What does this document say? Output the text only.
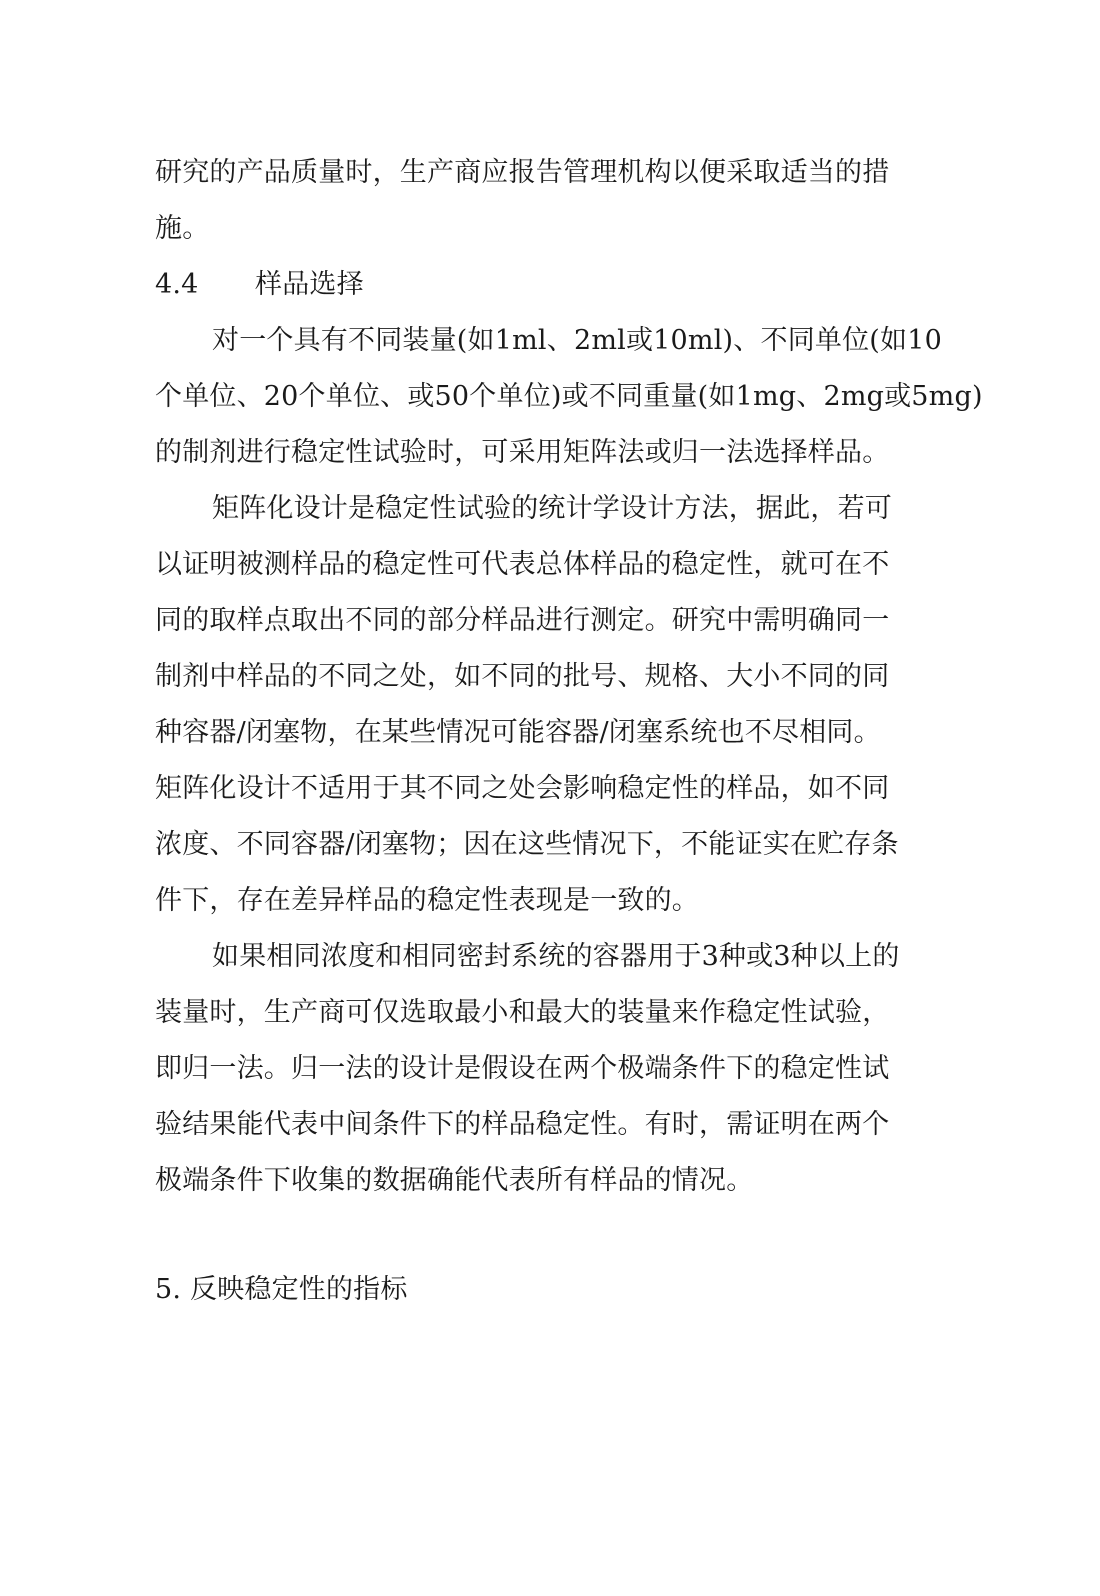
研究的产品质量时，生产商应报告管理机构以便采取适当的措
施。
4.4 样品选择
对一个具有不同装量(如1ml、2ml或10ml)、不同单位(如10
个单位、20个单位、或50个单位)或不同重量(如1mg、2mg或5mg)
的制剂进行稳定性试验时，可采用矩阵法或归一法选择样品。
矩阵化设计是稳定性试验的统计学设计方法，据此，若可
以证明被测样品的稳定性可代表总体样品的稳定性，就可在不
同的取样点取出不同的部分样品进行测定。研究中需明确同一
制剂中样品的不同之处，如不同的批号、规格、大小不同的同
种容器/闭塞物，在某些情况可能容器/闭塞系统也不尽相同。
矩阵化设计不适用于其不同之处会影响稳定性的样品，如不同
浓度、不同容器/闭塞物；因在这些情况下，不能证实在贮存条
件下，存在差异样品的稳定性表现是一致的。
如果相同浓度和相同密封系统的容器用于3种或3种以上的
装量时，生产商可仅选取最小和最大的装量来作稳定性试验，
即归一法。归一法的设计是假设在两个极端条件下的稳定性试
验结果能代表中间条件下的样品稳定性。有时，需证明在两个
极端条件下收集的数据确能代表所有样品的情况。
5. 反映稳定性的指标
